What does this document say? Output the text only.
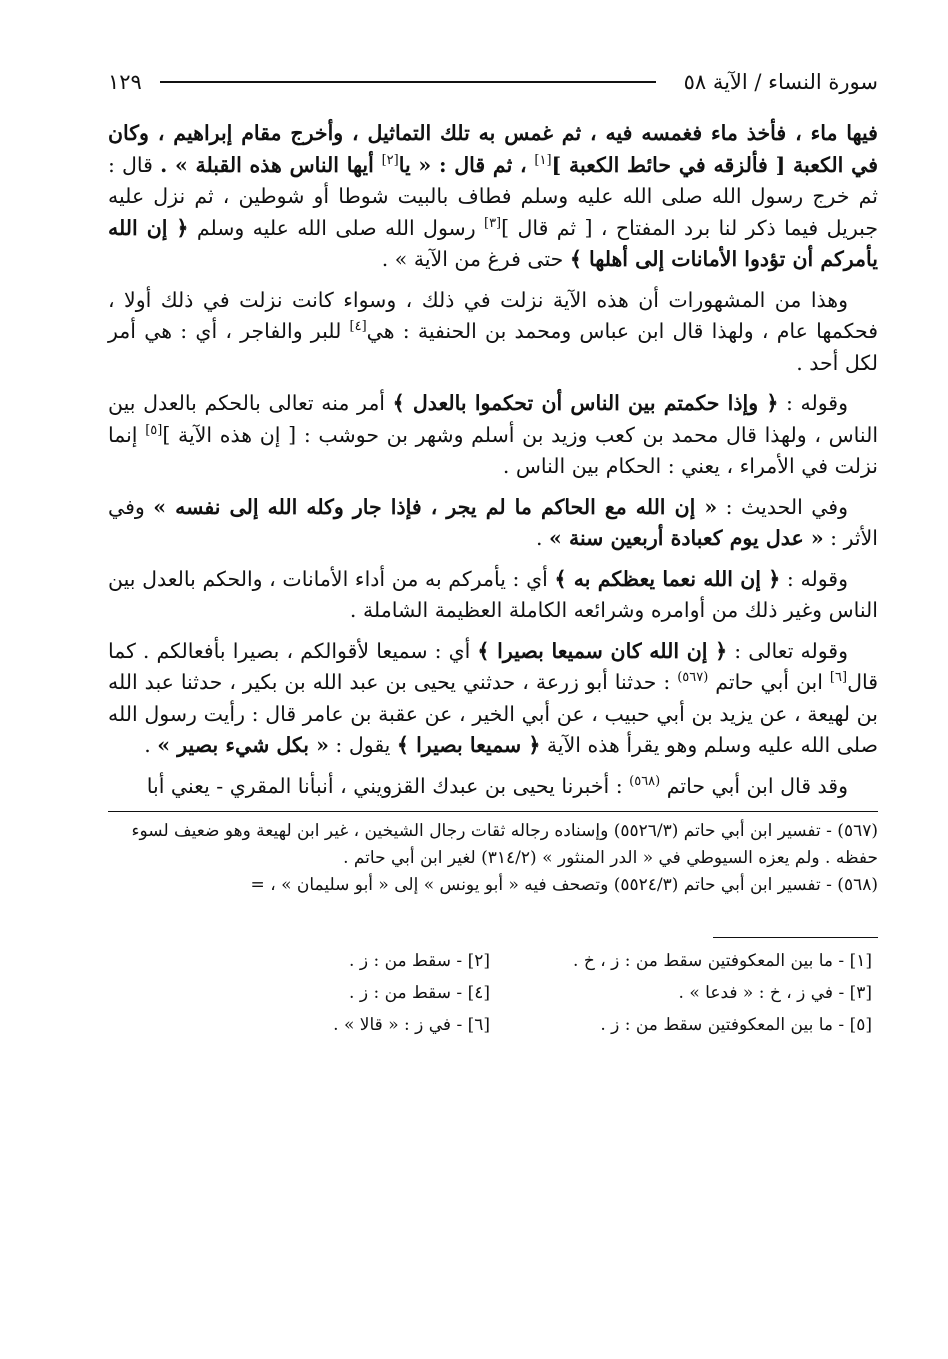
سورة النساء / الآية ٥٨
١٢٩

فيها ماء ، فأخذ ماء فغمسه فيه ، ثم غمس به تلك التماثيل ، وأخرج مقام إبراهيم ، وكان في الكعبة [ فألزقه في حائط الكعبة ][١] ، ثم قال : « يا[٢] أيها الناس هذه القبلة » . قال : ثم خرج رسول الله صلى الله عليه وسلم فطاف بالبيت شوطا أو شوطين ، ثم نزل عليه جبريل فيما ذكر لنا برد المفتاح ، [ ثم قال ][٣] رسول الله صلى الله عليه وسلم ﴿ إن الله يأمركم أن تؤدوا الأمانات إلى أهلها ﴾ حتى فرغ من الآية » .

وهذا من المشهورات أن هذه الآية نزلت في ذلك ، وسواء كانت نزلت في ذلك أولا ، فحكمها عام ، ولهذا قال ابن عباس ومحمد بن الحنفية : هي[٤] للبر والفاجر ، أي : هي أمر لكل أحد .

وقوله : ﴿ وإذا حكمتم بين الناس أن تحكموا بالعدل ﴾ أمر منه تعالى بالحكم بالعدل بين الناس ، ولهذا قال محمد بن كعب وزيد بن أسلم وشهر بن حوشب : [ إن هذه الآية ][٥] إنما نزلت في الأمراء ، يعني : الحكام بين الناس .

وفي الحديث : « إن الله مع الحاكم ما لم يجر ، فإذا جار وكله الله إلى نفسه » وفي الأثر : « عدل يوم كعبادة أربعين سنة » .

وقوله : ﴿ إن الله نعما يعظكم به ﴾ أي : يأمركم به من أداء الأمانات ، والحكم بالعدل بين الناس وغير ذلك من أوامره وشرائعه الكاملة العظيمة الشاملة .

وقوله تعالى : ﴿ إن الله كان سميعا بصيرا ﴾ أي : سميعا لأقوالكم ، بصيرا بأفعالكم . كما قال[٦] ابن أبي حاتم $^{(٥٦٧)}$ : حدثنا أبو زرعة ، حدثني يحيى بن عبد الله بن بكير ، حدثنا عبد الله بن لهيعة ، عن يزيد بن أبي حبيب ، عن أبي الخير ، عن عقبة بن عامر قال : رأيت رسول الله صلى الله عليه وسلم وهو يقرأ هذه الآية ﴿ سميعا بصيرا ﴾ يقول : « بكل شيء بصير » .

وقد قال ابن أبي حاتم $^{(٥٦٨)}$ : أخبرنا يحيى بن عبدك القزويني ، أنبأنا المقري - يعني أبا

(٥٦٧) - تفسير ابن أبي حاتم (٥٥٢٦/٣) وإسناده رجاله ثقات رجال الشيخين ، غير ابن لهيعة وهو ضعيف لسوء حفظه . ولم يعزه السيوطي في « الدر المنثور » (٣١٤/٢) لغير ابن أبي حاتم .

(٥٦٨) - تفسير ابن أبي حاتم (٥٥٢٤/٣) وتصحف فيه « أبو يونس » إلى « أبو سليمان » ، =

[١] - ما بين المعكوفتين سقط من : ز ، خ .
[٢] - سقط من : ز .
[٣] - في ز ، خ : « فدعا » .
[٤] - سقط من : ز .
[٥] - ما بين المعكوفتين سقط من : ز .
[٦] - في ز : « قالا » .
